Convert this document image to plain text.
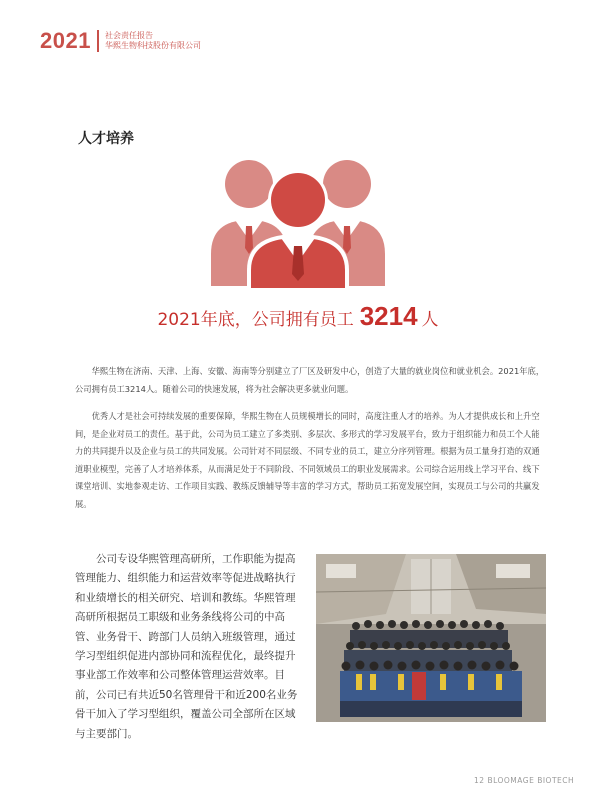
2021 社会责任报告
华熙生物科技股份有限公司
人才培养
2021年底，公司拥有员工 3214 人

华熙生物在济南、天津、上海、安徽、海南等分别建立了厂区及研发中心，创造了大量的就业岗位和就业机会。2021年底，公司拥有员工3214人。随着公司的快速发展，将为社会解决更多就业问题。

优秀人才是社会可持续发展的重要保障，华熙生物在人员规模增长的同时，高度注重人才的培养。为人才提供成长和上升空间，是企业对员工的责任。基于此，公司为员工建立了多类别、多层次、多形式的学习发展平台，致力于组织能力和员工个人能力的共同提升以及企业与员工的共同发展。公司针对不同层级、不同专业的员工，建立分序列管理。根据为员工量身打造的双通道职业模型，完善了人才培养体系，从而满足处于不同阶段、不同领域员工的职业发展需求。公司综合运用线上学习平台、线下课堂培训、实地参观走访、工作项目实践、教练反馈辅导等丰富的学习方式，帮助员工拓宽发展空间，实现员工与公司的共赢发展。

公司专设华熙管理高研所，工作职能为提高管理能力、组织能力和运营效率等促进战略执行和业绩增长的相关研究、培训和教练。华熙管理高研所根据员工职级和业务条线将公司的中高管、业务骨干、跨部门人员纳入班级管理，通过学习型组织促进内部协同和流程优化，最终提升事业部工作效率和公司整体管理运营效率。目前，公司已有共近50名管理骨干和近200名业务骨干加入了学习型组织，覆盖公司全部所在区域与主要部门。

12 BLOOMAGE BIOTECH
